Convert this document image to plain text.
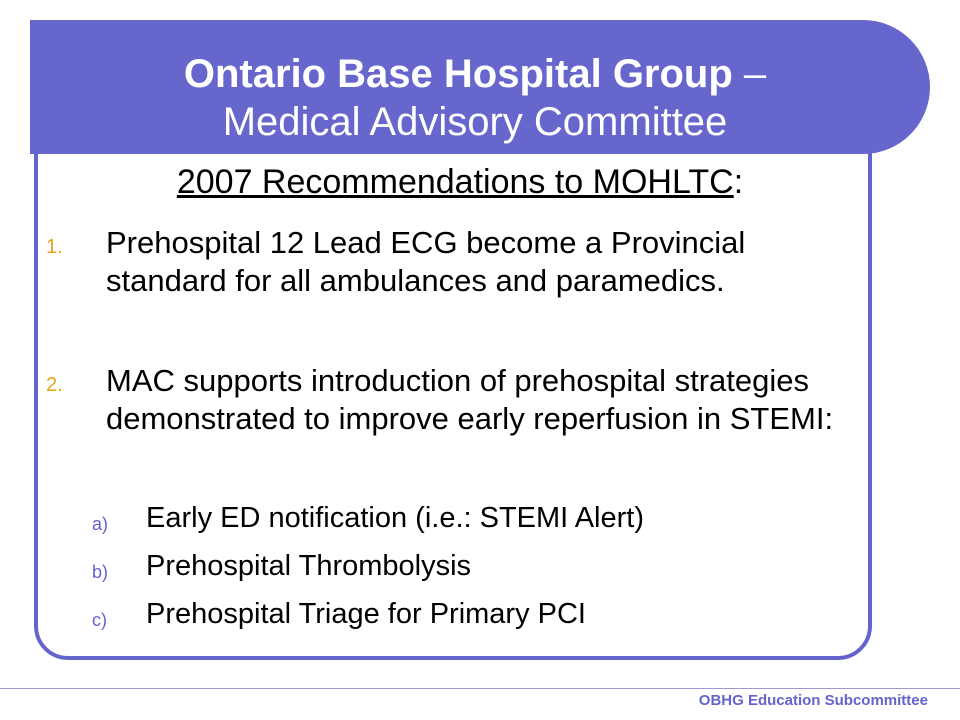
Ontario Base Hospital Group –
Medical Advisory Committee
2007 Recommendations to MOHLTC:
1. Prehospital 12 Lead ECG become a Provincial standard for all ambulances and paramedics.
2. MAC supports introduction of prehospital strategies demonstrated to improve early reperfusion in STEMI:
a) Early ED notification (i.e.: STEMI Alert)
b) Prehospital Thrombolysis
c) Prehospital Triage for Primary PCI
OBHG Education Subcommittee
